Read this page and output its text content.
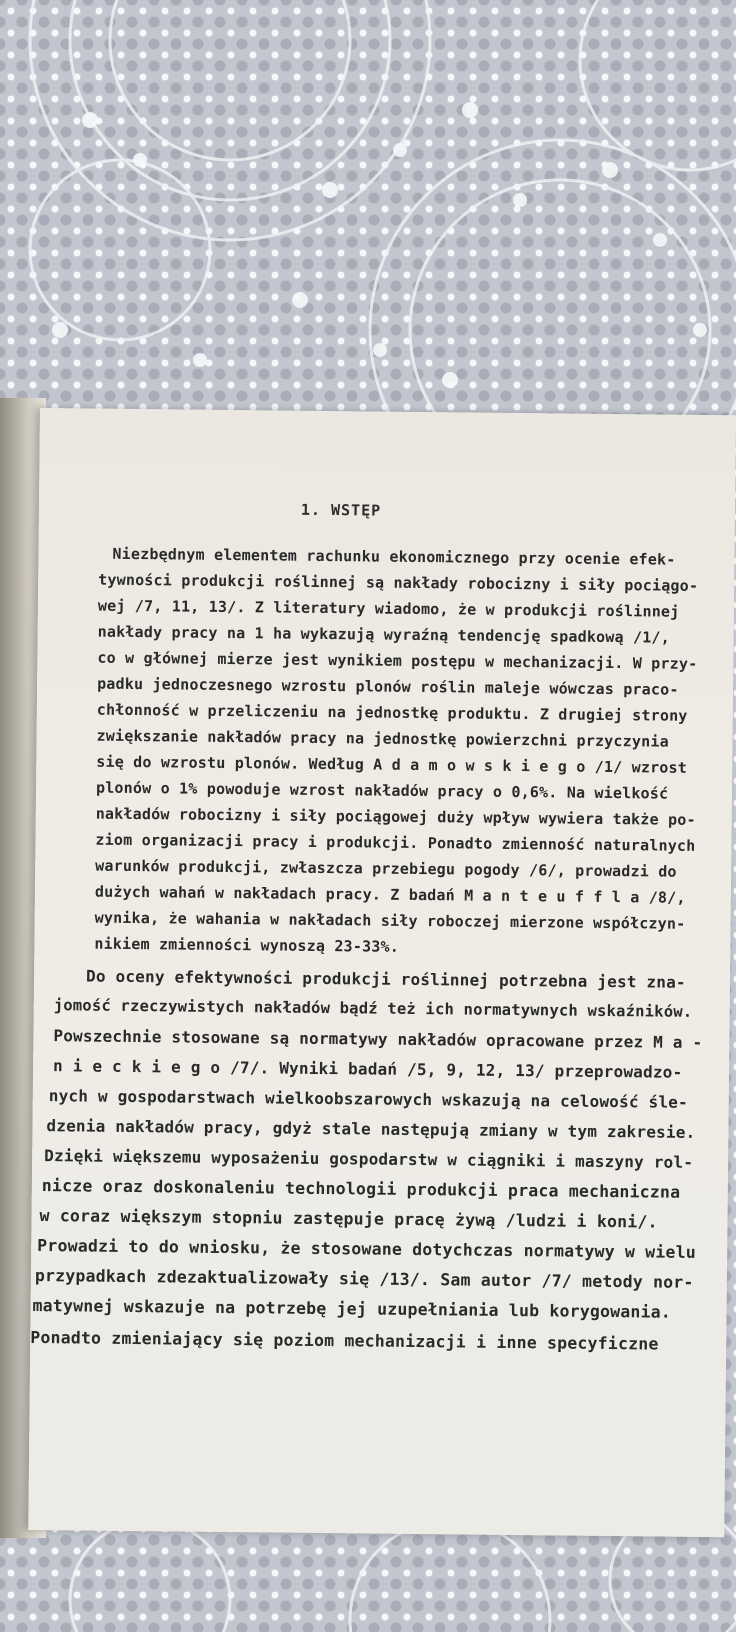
1. WSTĘP
Niezbędnym elementem rachunku ekonomicznego przy ocenie efek-
tywności produkcji roślinnej są nakłady robocizny i siły pociągo-
wej /7, 11, 13/. Z literatury wiadomo, że w produkcji roślinnej
nakłady pracy na 1 ha wykazują wyraźną tendencję spadkową /1/,
co w głównej mierze jest wynikiem postępu w mechanizacji. W przy-
padku jednoczesnego wzrostu plonów roślin maleje wówczas praco-
chłonność w przeliczeniu na jednostkę produktu. Z drugiej strony
zwiększanie nakładów pracy na jednostkę powierzchni przyczynia
się do wzrostu plonów. Według A d a m o w s k i e g o /1/ wzrost
plonów o 1% powoduje wzrost nakładów pracy o 0,6%. Na wielkość
nakładów robocizny i siły pociągowej duży wpływ wywiera także po-
ziom organizacji pracy i produkcji. Ponadto zmienność naturalnych
warunków produkcji, zwłaszcza przebiegu pogody /6/, prowadzi do
dużych wahań w nakładach pracy. Z badań M a n t e u f f l a /8/,
wynika, że wahania w nakładach siły roboczej mierzone współczyn-
nikiem zmienności wynoszą 23-33%.
Do oceny efektywności produkcji roślinnej potrzebna jest zna-
jomość rzeczywistych nakładów bądź też ich normatywnych wskaźników.
Powszechnie stosowane są normatywy nakładów opracowane przez M a -
n i e c k i e g o /7/. Wyniki badań /5, 9, 12, 13/ przeprowadzo-
nych w gospodarstwach wielkoobszarowych wskazują na celowość śle-
dzenia nakładów pracy, gdyż stale następują zmiany w tym zakresie.
Dzięki większemu wyposażeniu gospodarstw w ciągniki i maszyny rol-
nicze oraz doskonaleniu technologii produkcji praca mechaniczna
w coraz większym stopniu zastępuje pracę żywą /ludzi i koni/.
Prowadzi to do wniosku, że stosowane dotychczas normatywy w wielu
przypadkach zdezaktualizowały się /13/. Sam autor /7/ metody nor-
matywnej wskazuje na potrzebę jej uzupełniania lub korygowania.
Ponadto zmieniający się poziom mechanizacji i inne specyficzne
